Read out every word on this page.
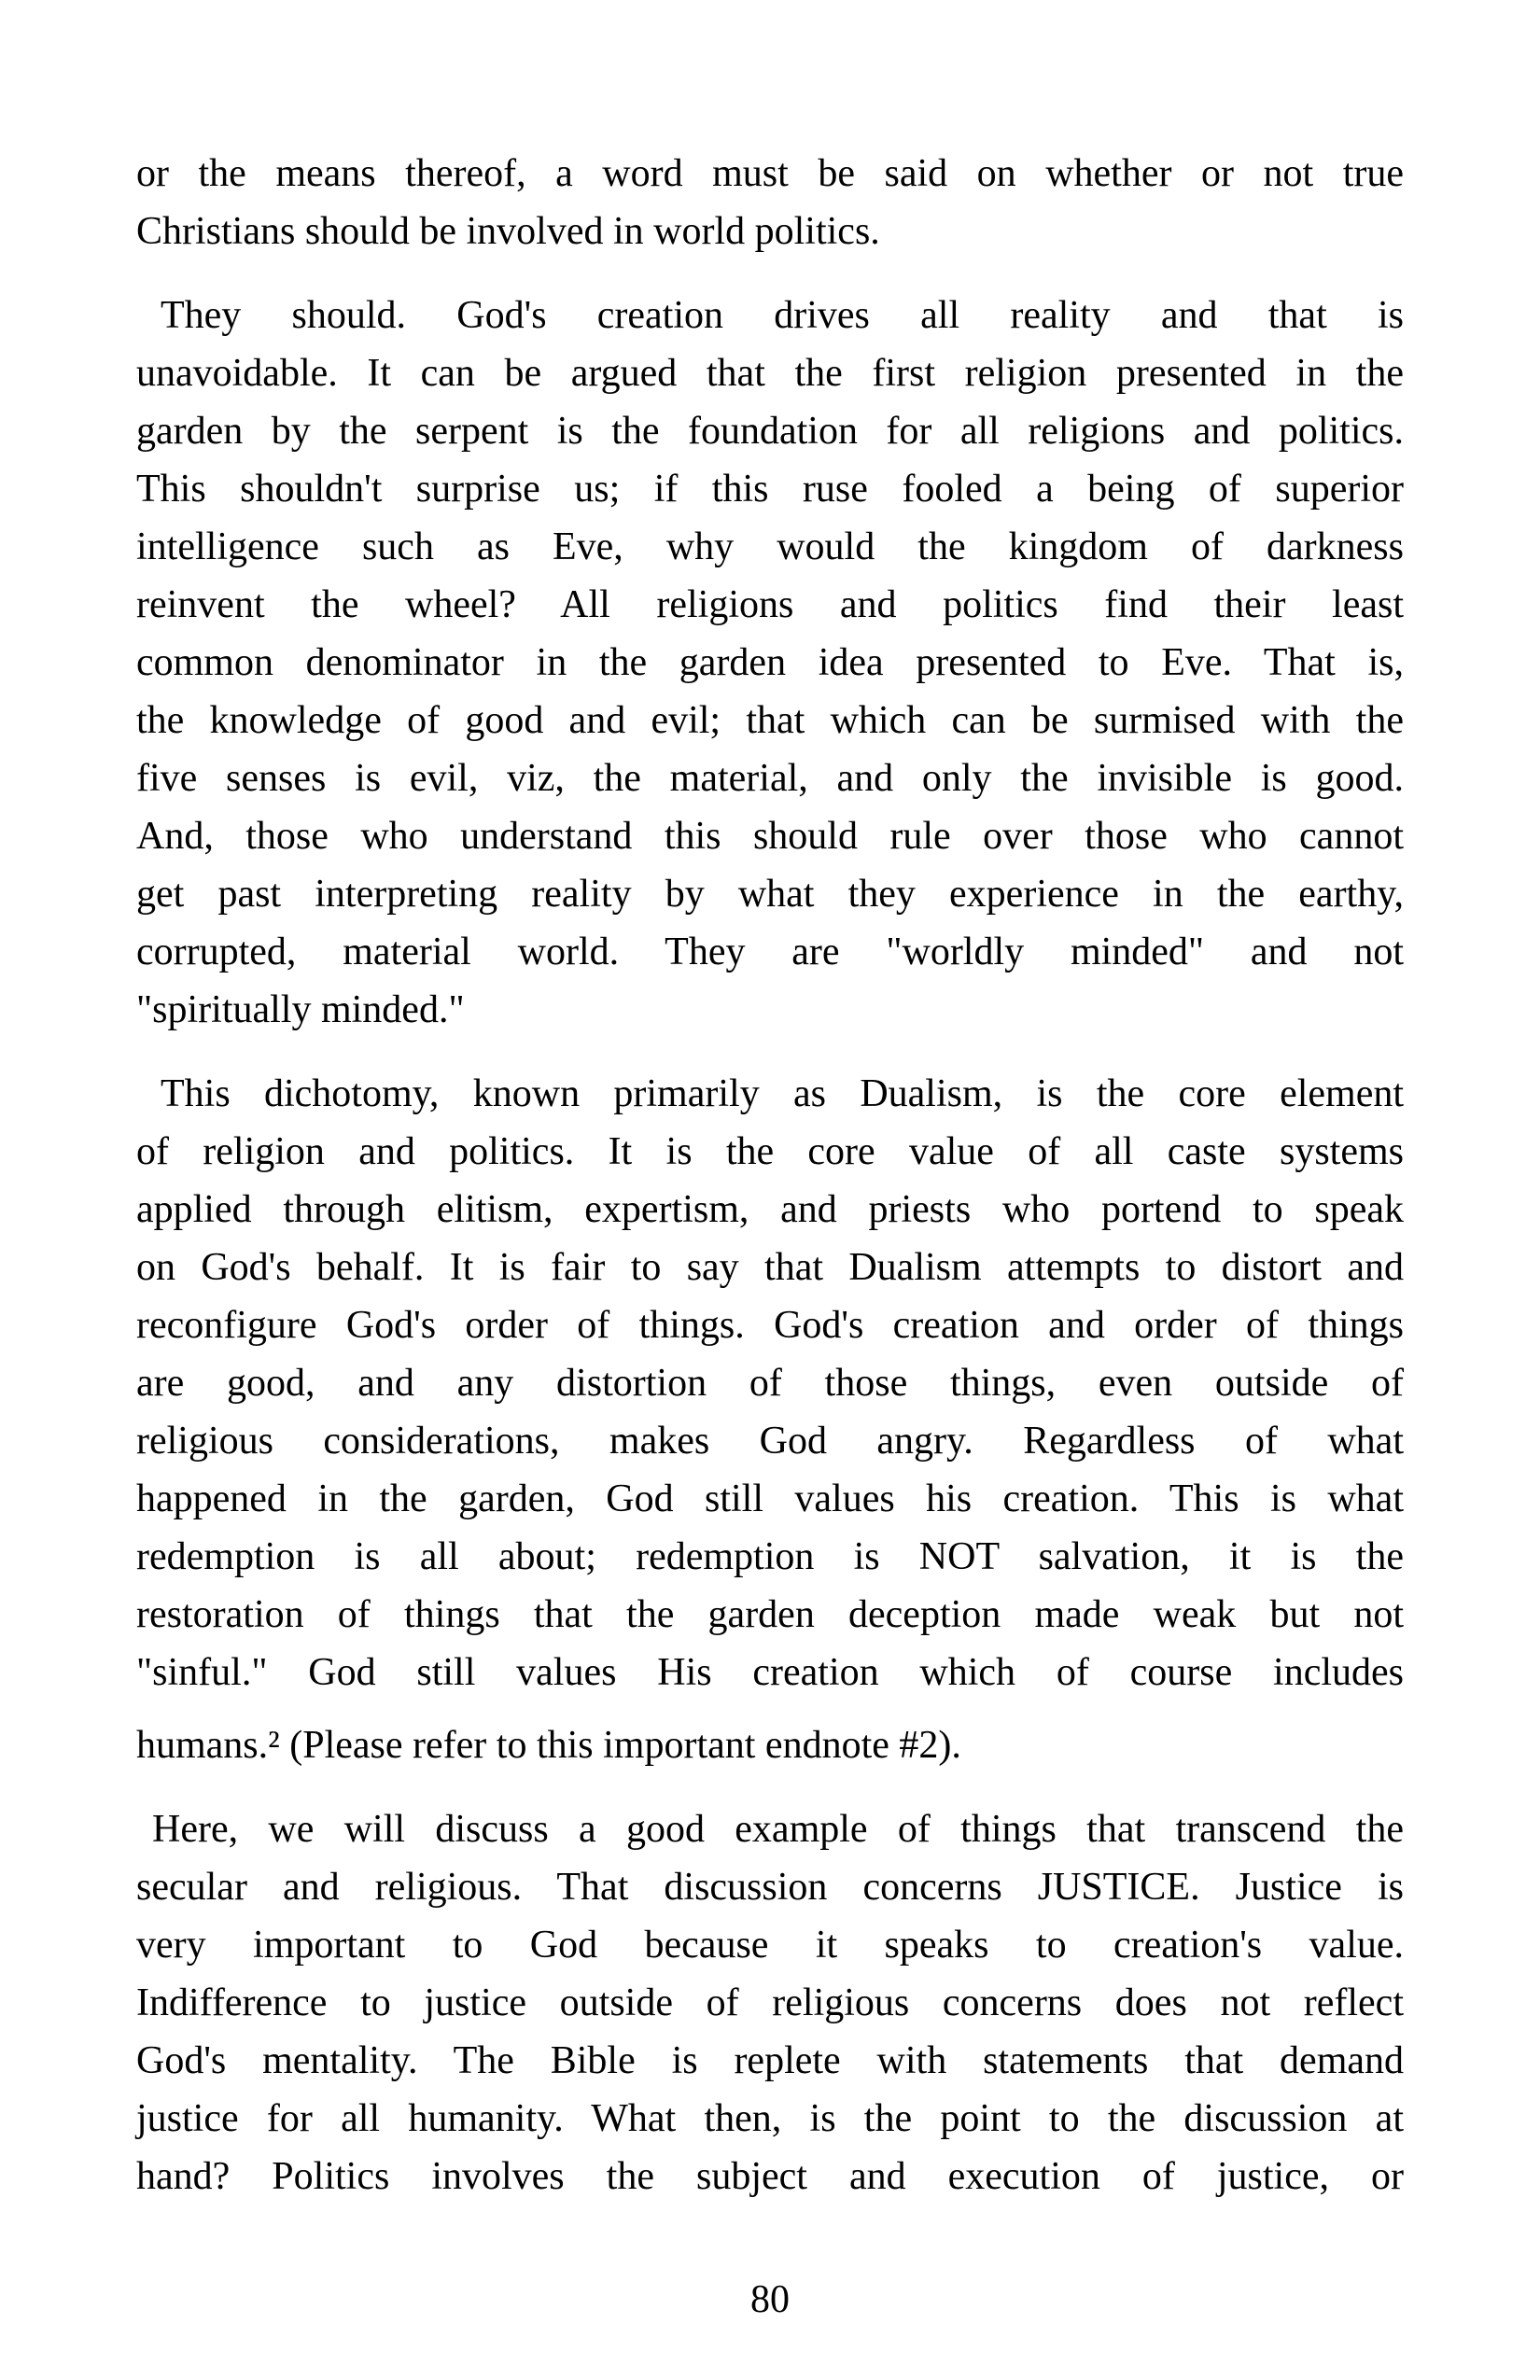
or the means thereof, a word must be said on whether or not true
Christians should be involved in world politics.

They should. God's creation drives all reality and that is
unavoidable. It can be argued that the first religion presented in the
garden by the serpent is the foundation for all religions and politics.
This shouldn't surprise us; if this ruse fooled a being of superior
intelligence such as Eve, why would the kingdom of darkness
reinvent the wheel? All religions and politics find their least
common denominator in the garden idea presented to Eve. That is,
the knowledge of good and evil; that which can be surmised with the
five senses is evil, viz, the material, and only the invisible is good.
And, those who understand this should rule over those who cannot
get past interpreting reality by what they experience in the earthy,
corrupted, material world. They are "worldly minded" and not
"spiritually minded."

This dichotomy, known primarily as Dualism, is the core element
of religion and politics. It is the core value of all caste systems
applied through elitism, expertism, and priests who portend to speak
on God's behalf. It is fair to say that Dualism attempts to distort and
reconfigure God's order of things. God's creation and order of things
are good, and any distortion of those things, even outside of
religious considerations, makes God angry. Regardless of what
happened in the garden, God still values his creation. This is what
redemption is all about; redemption is NOT salvation, it is the
restoration of things that the garden deception made weak but not
"sinful." God still values His creation which of course includes
humans.² (Please refer to this important endnote #2).

Here, we will discuss a good example of things that transcend the
secular and religious. That discussion concerns JUSTICE. Justice is
very important to God because it speaks to creation's value.
Indifference to justice outside of religious concerns does not reflect
God's mentality. The Bible is replete with statements that demand
justice for all humanity. What then, is the point to the discussion at
hand? Politics involves the subject and execution of justice, or

80
